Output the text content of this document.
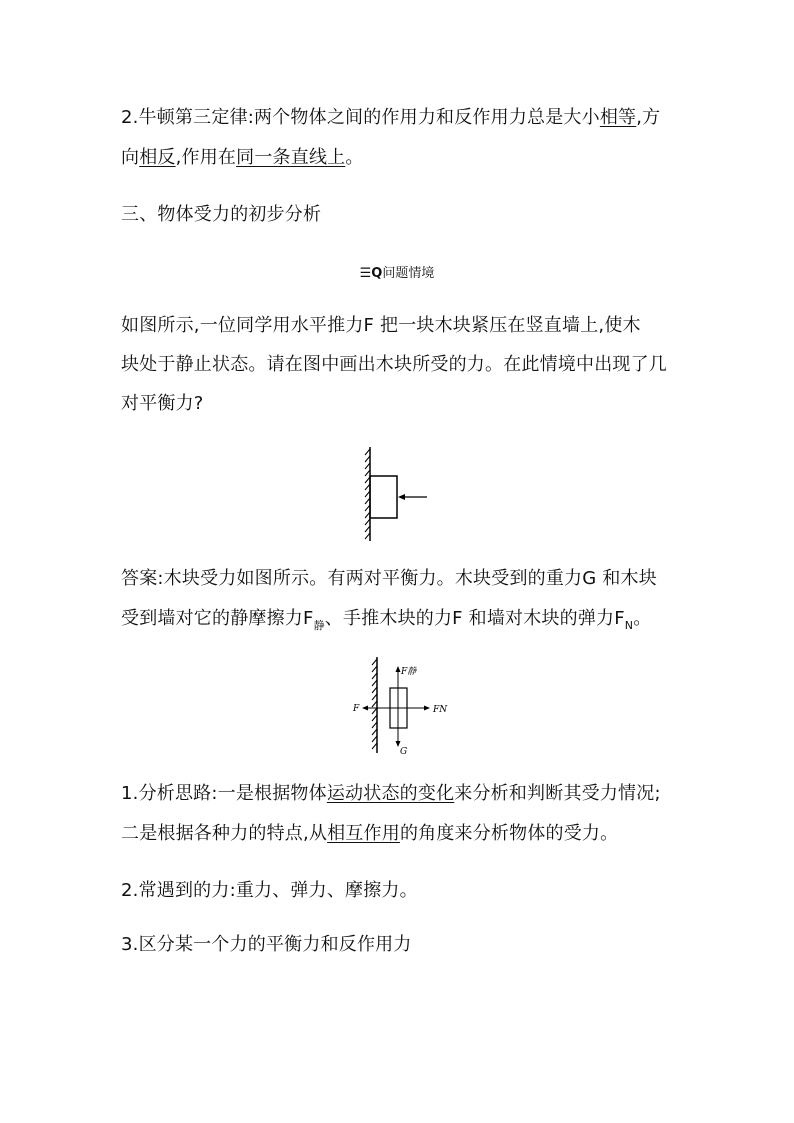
2.牛顿第三定律:两个物体之间的作用力和反作用力总是大小相等,方
向相反,作用在同一条直线上。
三、物体受力的初步分析
☰Q问题情境
如图所示,一位同学用水平推力F 把一块木块紧压在竖直墙上,使木
块处于静止状态。请在图中画出木块所受的力。在此情境中出现了几
对平衡力?
答案:木块受力如图所示。有两对平衡力。木块受到的重力G 和木块
受到墙对它的静摩擦力$F_静$、手推木块的力F 和墙对木块的弹力$F_N$。
F静
F	FN
G
1.分析思路:一是根据物体运动状态的变化来分析和判断其受力情况;
二是根据各种力的特点,从相互作用的角度来分析物体的受力。
2.常遇到的力:重力、弹力、摩擦力。
3.区分某一个力的平衡力和反作用力
